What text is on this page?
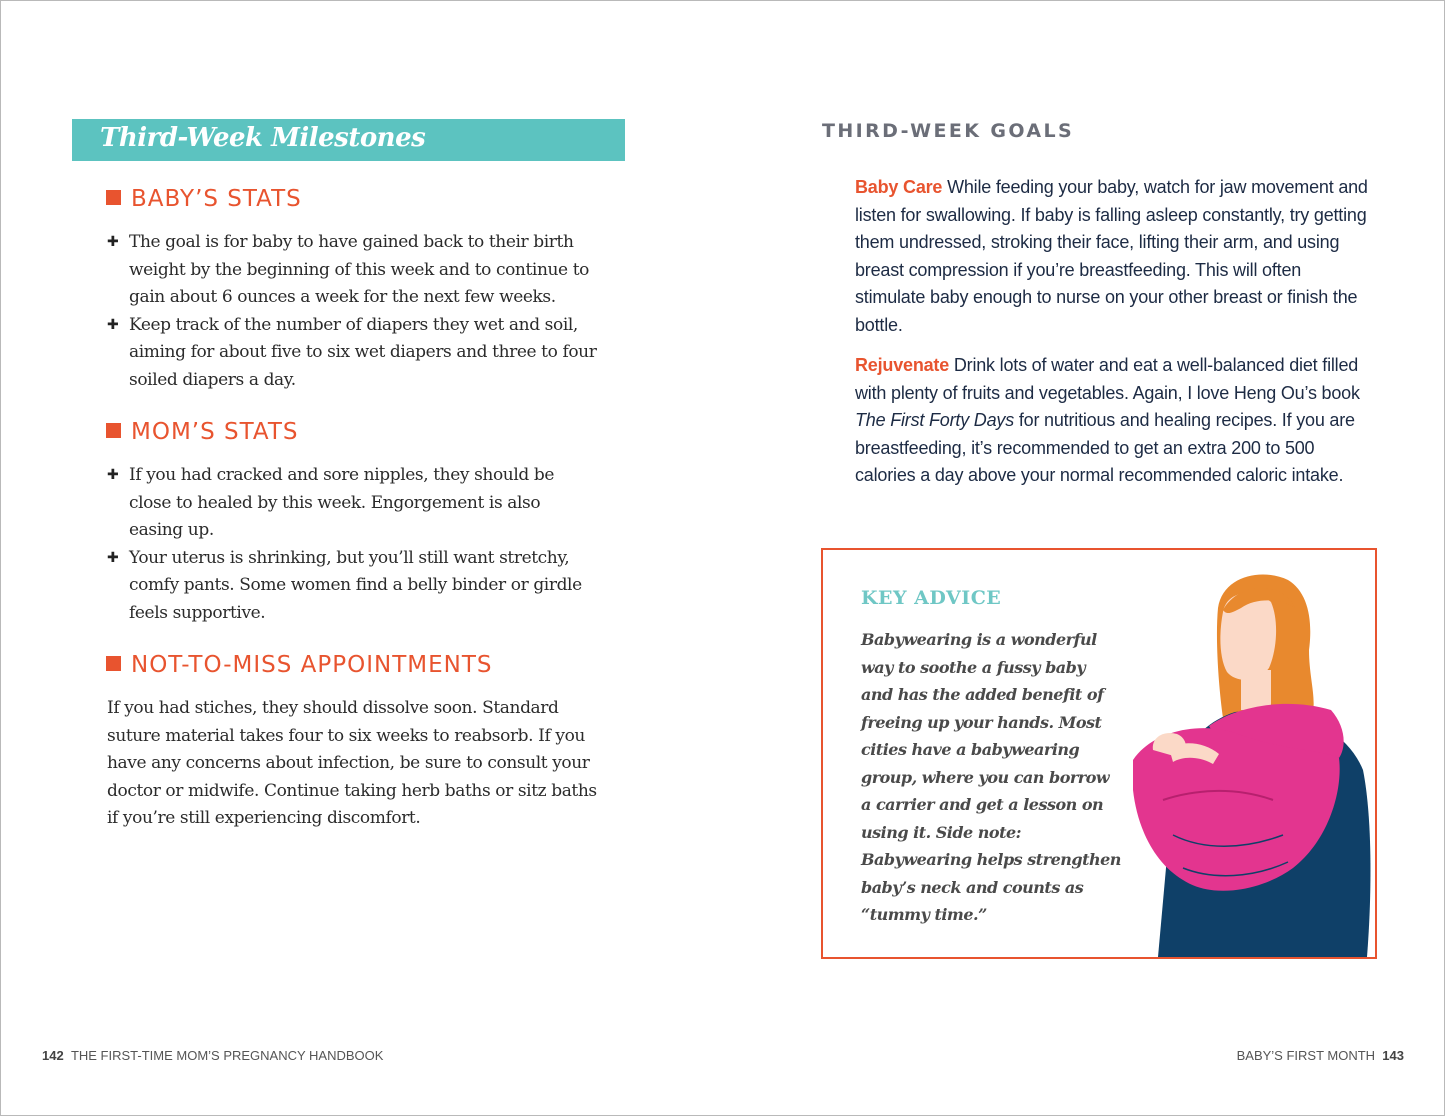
Third-Week Milestones
BABY’S STATS
✚ The goal is for baby to have gained back to their birth weight by the beginning of this week and to continue to gain about 6 ounces a week for the next few weeks.
✚ Keep track of the number of diapers they wet and soil, aiming for about five to six wet diapers and three to four soiled diapers a day.
MOM’S STATS
✚ If you had cracked and sore nipples, they should be close to healed by this week. Engorgement is also easing up.
✚ Your uterus is shrinking, but you’ll still want stretchy, comfy pants. Some women find a belly binder or girdle feels supportive.
NOT-TO-MISS APPOINTMENTS
If you had stiches, they should dissolve soon. Standard suture material takes four to six weeks to reabsorb. If you have any concerns about infection, be sure to consult your doctor or midwife. Continue taking herb baths or sitz baths if you’re still experiencing discomfort.
142 THE FIRST-TIME MOM’S PREGNANCY HANDBOOK
THIRD-WEEK GOALS
Baby Care While feeding your baby, watch for jaw movement and listen for swallowing. If baby is falling asleep constantly, try getting them undressed, stroking their face, lifting their arm, and using breast compression if you’re breastfeeding. This will often stimulate baby enough to nurse on your other breast or finish the bottle.
Rejuvenate Drink lots of water and eat a well-balanced diet filled with plenty of fruits and vegetables. Again, I love Heng Ou’s book The First Forty Days for nutritious and healing recipes. If you are breastfeeding, it’s recommended to get an extra 200 to 500 calories a day above your normal recommended caloric intake.
KEY ADVICE
Babywearing is a wonderful way to soothe a fussy baby and has the added benefit of freeing up your hands. Most cities have a babywearing group, where you can borrow a carrier and get a lesson on using it. Side note: Babywearing helps strengthen baby’s neck and counts as “tummy time.”
BABY’S FIRST MONTH 143
